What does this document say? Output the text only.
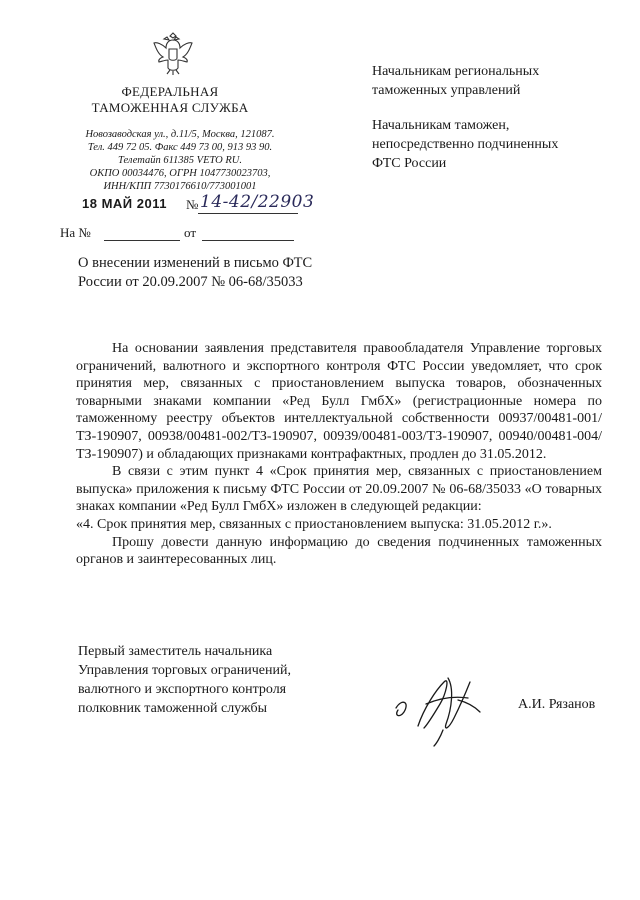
ФЕДЕРАЛЬНАЯ
ТАМОЖЕННАЯ СЛУЖБА
Новозаводская ул., д.11/5, Москва, 121087.
Тел. 449 72 05. Факс 449 73 00, 913 93 90.
Телетайп 611385 VETO RU.
ОКПО 00034476, ОГРН 1047730023703,
ИНН/КПП 7730176610/773001001
18 МАЙ 2011 № 14-42/22903
На №	от
О внесении изменений в письмо ФТС
России от 20.09.2007 № 06-68/35033
Начальникам региональных
таможенных управлений
Начальникам таможен,
непосредственно подчиненных
ФТС России

На основании заявления представителя правообладателя Управление торговых ограничений, валютного и экспортного контроля ФТС России уведомляет, что срок принятия мер, связанных с приостановлением выпуска товаров, обозначенных товарными знаками компании «Ред Булл ГмбХ» (регистрационные номера по таможенному реестру объектов интеллектуальной собственности 00937/00481-001/ТЗ-190907, 00938/00481-002/ТЗ-190907, 00939/00481-003/ТЗ-190907, 00940/00481-004/ТЗ-190907) и обладающих признаками контрафактных, продлен до 31.05.2012.

В связи с этим пункт 4 «Срок принятия мер, связанных с приостановлением выпуска» приложения к письму ФТС России от 20.09.2007 № 06-68/35033 «О товарных знаках компании «Ред Булл ГмбХ» изложен в следующей редакции:

«4. Срок принятия мер, связанных с приостановлением выпуска: 31.05.2012 г.».

Прошу довести данную информацию до сведения подчиненных таможенных органов и заинтересованных лиц.

Первый заместитель начальника
Управления торговых ограничений,
валютного и экспортного контроля
полковник таможенной службы	А.И. Рязанов
